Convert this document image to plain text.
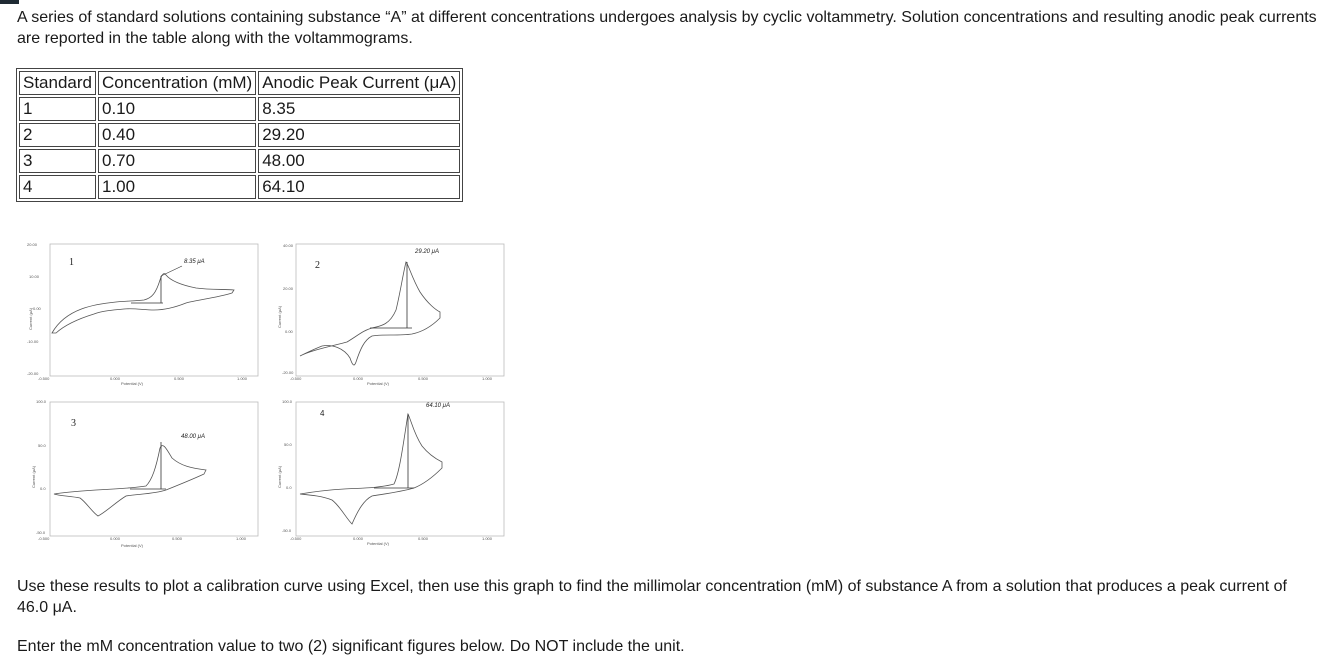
A series of standard solutions containing substance “A” at different concentrations undergoes analysis by cyclic voltammetry. Solution concentrations and resulting anodic peak currents are reported in the table along with the voltammograms.

Standard	Concentration (mM)	Anodic Peak Current (μA)
1	0.10	8.35
2	0.40	29.20
3	0.70	48.00
4	1.00	64.10
20.00
10.00
0.00
-10.00
-20.00
-0.500	0.000	0.500	1.000
Potential (V)
Current (μA)
1	8.35 μA
40.00
20.00
0.00
-20.00
-0.500	0.000	0.500	1.000
Potential (V)
Current (μA)
2
29.20 μA
100.0
50.0
0.0
-50.0
-0.500	0.000	0.500	1.000
Potential (V)
Current (μA)
3
48.00 μA
100.0
50.0
0.0
-50.0
-0.500	0.000	0.500	1.000
Potential (V)
Current (μA)
4
64.10 μA

Use these results to plot a calibration curve using Excel, then use this graph to find the millimolar concentration (mM) of substance A from a solution that produces a peak current of 46.0 μA.

Enter the mM concentration value to two (2) significant figures below. Do NOT include the unit.
